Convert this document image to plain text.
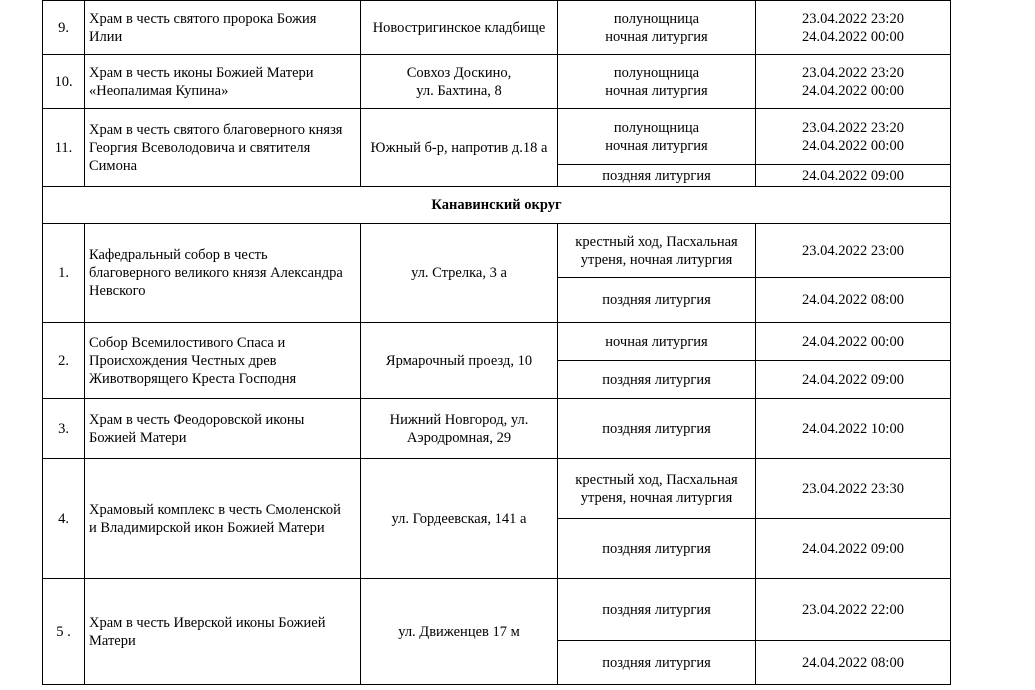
9.	Храм в честь святого пророка Божия
Илии	Новостригинское кладбище	полунощница
ночная литургия	23.04.2022 23:20
24.04.2022 00:00

10.	Храм в честь иконы Божией Матери
«Неопалимая Купина»	Совхоз Доскино,
ул. Бахтина, 8	полунощница
ночная литургия	23.04.2022 23:20
24.04.2022 00:00

11.	Храм в честь святого благоверного князя
Георгия Всеволодовича и святителя
Симона	Южный б-р, напротив д.18 а	полунощница
ночная литургия	23.04.2022 23:20
24.04.2022 00:00

			поздняя литургия	24.04.2022 09:00

Канавинский округ				
1.	Кафедральный собор в честь
благоверного великого князя Александра
Невского	ул. Стрелка, 3 а	крестный ход, Пасхальная
утреня, ночная литургия	23.04.2022 23:00

			поздняя литургия	24.04.2022 08:00

2.	Собор Всемилостивого Спаса и
Происхождения Честных древ
Животворящего Креста Господня	Ярмарочный проезд, 10	ночная литургия	24.04.2022 00:00

			поздняя литургия	24.04.2022 09:00

3.	Храм в честь Феодоровской иконы
Божией Матери	Нижний Новгород, ул.
Аэродромная, 29	поздняя литургия	24.04.2022 10:00

4.	Храмовый комплекс в честь Смоленской
и Владимирской икон Божией Матери	ул. Гордеевская, 141 а	крестный ход, Пасхальная
утреня, ночная литургия	23.04.2022 23:30

			поздняя литургия	24.04.2022 09:00

5 .	Храм в честь Иверской иконы Божией
Матери	ул. Движенцев 17 м	поздняя литургия	23.04.2022 22:00

			поздняя литургия	24.04.2022 08:00
